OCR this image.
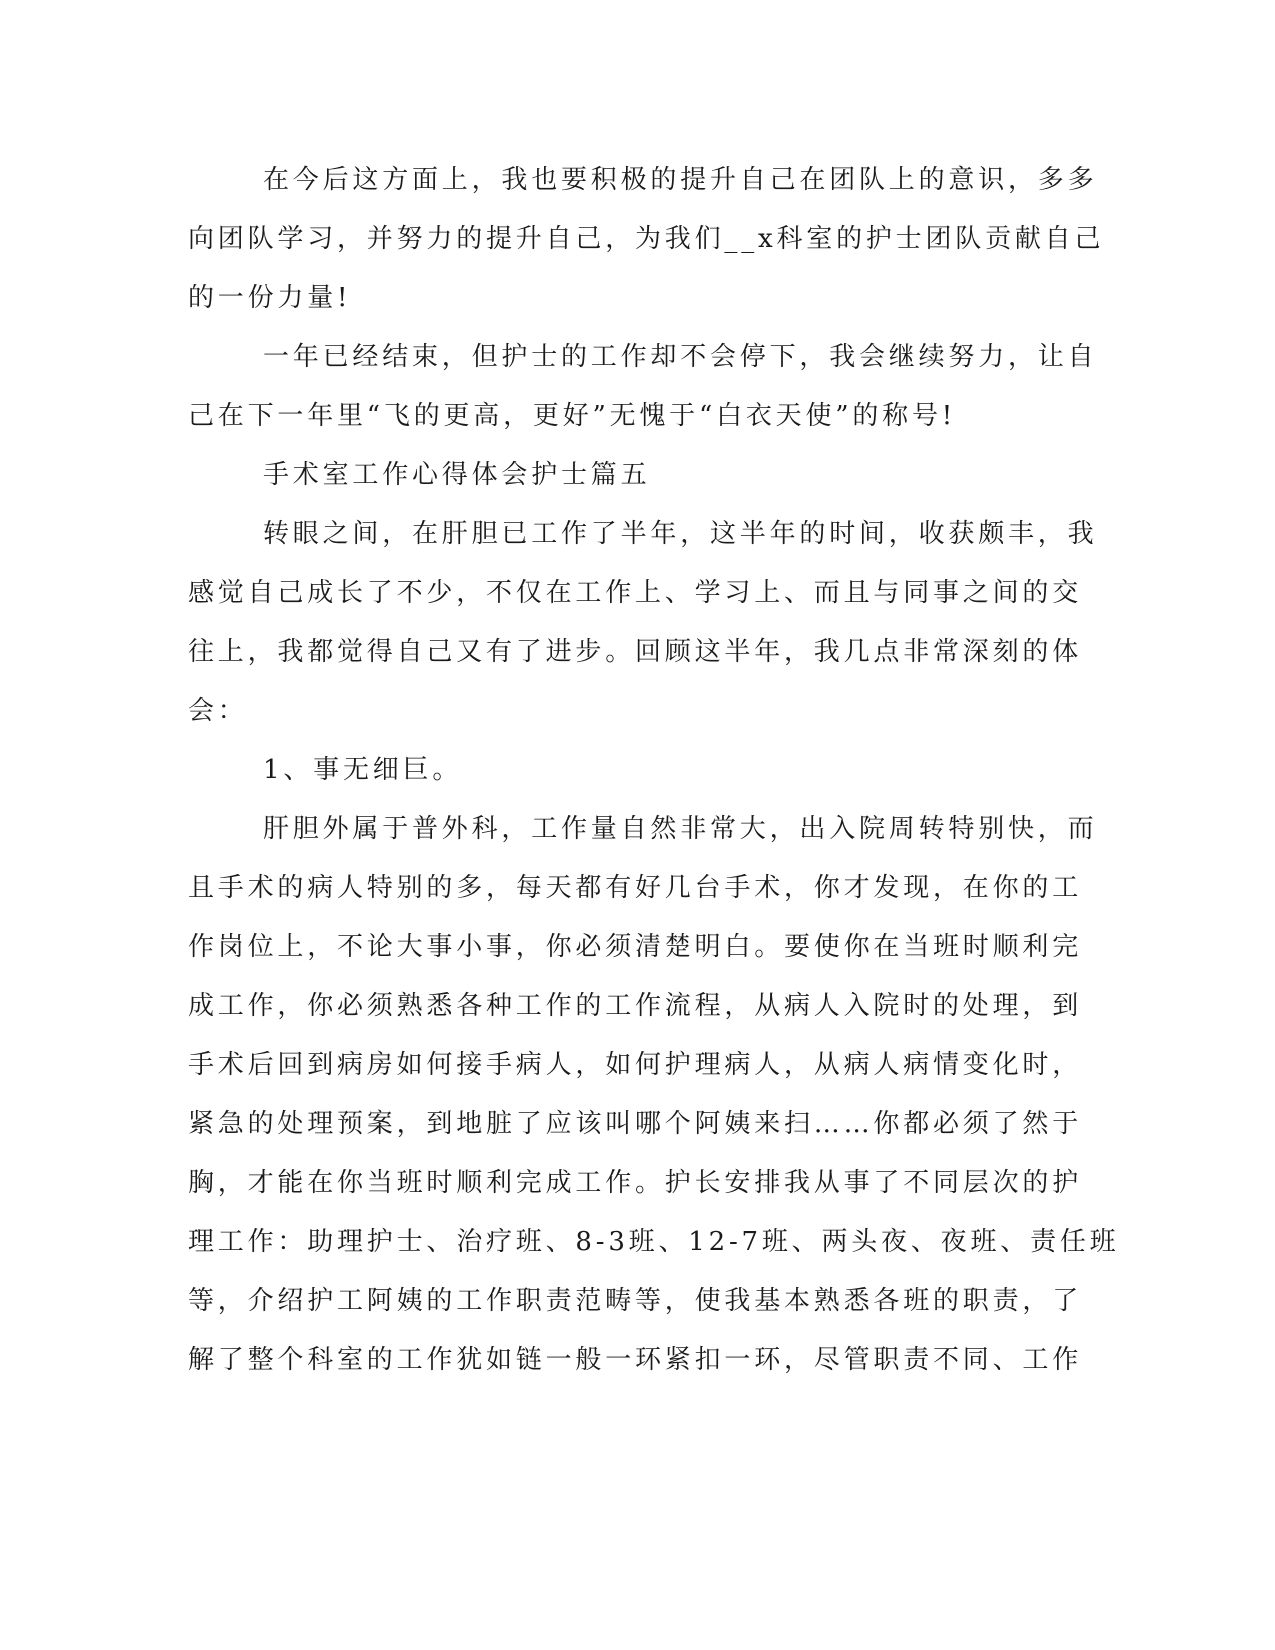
在今后这方面上，我也要积极的提升自己在团队上的意识，多多
向团队学习，并努力的提升自己，为我们__x科室的护士团队贡献自己
的一份力量!
一年已经结束，但护士的工作却不会停下，我会继续努力，让自
己在下一年里“飞的更高，更好”无愧于“白衣天使”的称号!
手术室工作心得体会护士篇五
转眼之间，在肝胆已工作了半年，这半年的时间，收获颇丰，我
感觉自己成长了不少，不仅在工作上、学习上、而且与同事之间的交
往上，我都觉得自己又有了进步。回顾这半年，我几点非常深刻的体
会：
1、事无细巨。
肝胆外属于普外科，工作量自然非常大，出入院周转特别快，而
且手术的病人特别的多，每天都有好几台手术，你才发现，在你的工
作岗位上，不论大事小事，你必须清楚明白。要使你在当班时顺利完
成工作，你必须熟悉各种工作的工作流程，从病人入院时的处理，到
手术后回到病房如何接手病人，如何护理病人，从病人病情变化时，
紧急的处理预案，到地脏了应该叫哪个阿姨来扫……你都必须了然于
胸，才能在你当班时顺利完成工作。护长安排我从事了不同层次的护
理工作：助理护士、治疗班、8-3班、12-7班、两头夜、夜班、责任班
等，介绍护工阿姨的工作职责范畴等，使我基本熟悉各班的职责，了
解了整个科室的工作犹如链一般一环紧扣一环，尽管职责不同、工作
